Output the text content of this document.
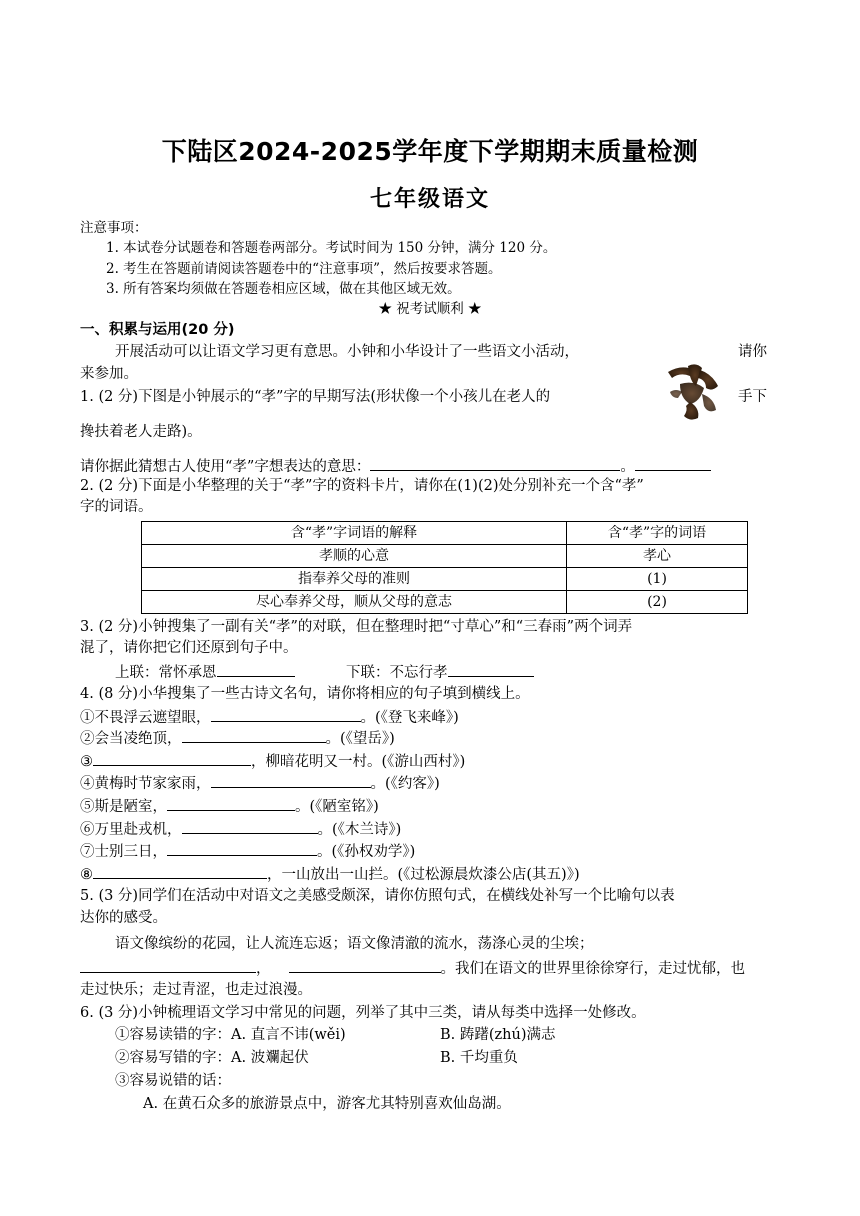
下陆区2024-2025学年度下学期期末质量检测
七年级语文
注意事项：
1. 本试卷分试题卷和答题卷两部分。考试时间为 150 分钟，满分 120 分。
2. 考生在答题前请阅读答题卷中的“注意事项”，然后按要求答题。
3. 所有答案均须做在答题卷相应区域，做在其他区域无效。
★ 祝考试顺利 ★
一、积累与运用(20 分)
开展活动可以让语文学习更有意思。小钟和小华设计了一些语文小活动，	请你
来参加。
1. (2 分)下图是小钟展示的“孝”字的早期写法(形状像一个小孩儿在老人的	手下
搀扶着老人走路)。
请你据此猜想古人使用“孝”字想表达的意思：	。
2. (2 分)下面是小华整理的关于“孝”字的资料卡片，请你在(1)(2)处分别补充一个含“孝”
字的词语。
含“孝”字词语的解释	含“孝”字的词语
孝顺的心意	孝心
指奉养父母的准则	(1)
尽心奉养父母，顺从父母的意志	(2)
3. (2 分)小钟搜集了一副有关“孝”的对联，但在整理时把“寸草心”和“三春雨”两个词弄
混了，请你把它们还原到句子中。
上联：常怀承恩	下联：不忘行孝
4. (8 分)小华搜集了一些古诗文名句，请你将相应的句子填到横线上。
①不畏浮云遮望眼，	。(《登飞来峰》)
②会当凌绝顶，	。(《望岳》)
③	，柳暗花明又一村。(《游山西村》)
④黄梅时节家家雨，	。(《约客》)
⑤斯是陋室，	。(《陋室铭》)
⑥万里赴戎机，	。(《木兰诗》)
⑦士别三日，	。(《孙权劝学》)
⑧	，一山放出一山拦。(《过松源晨炊漆公店(其五)》)
5. (3 分)同学们在活动中对语文之美感受颇深，请你仿照句式，在横线处补写一个比喻句以表
达你的感受。
语文像缤纷的花园，让人流连忘返；语文像清澈的流水，荡涤心灵的尘埃；
，	。我们在语文的世界里徐徐穿行，走过忧郁，也
走过快乐；走过青涩，也走过浪漫。
6. (3 分)小钟梳理语文学习中常见的问题，列举了其中三类，请从每类中选择一处修改。
①容易读错的字：A. 直言不讳(wěi)	B. 踌躇(zhú)满志
②容易写错的字：A. 波斕起伏	B. 千均重负
③容易说错的话：
A. 在黄石众多的旅游景点中，游客尤其特别喜欢仙岛湖。
